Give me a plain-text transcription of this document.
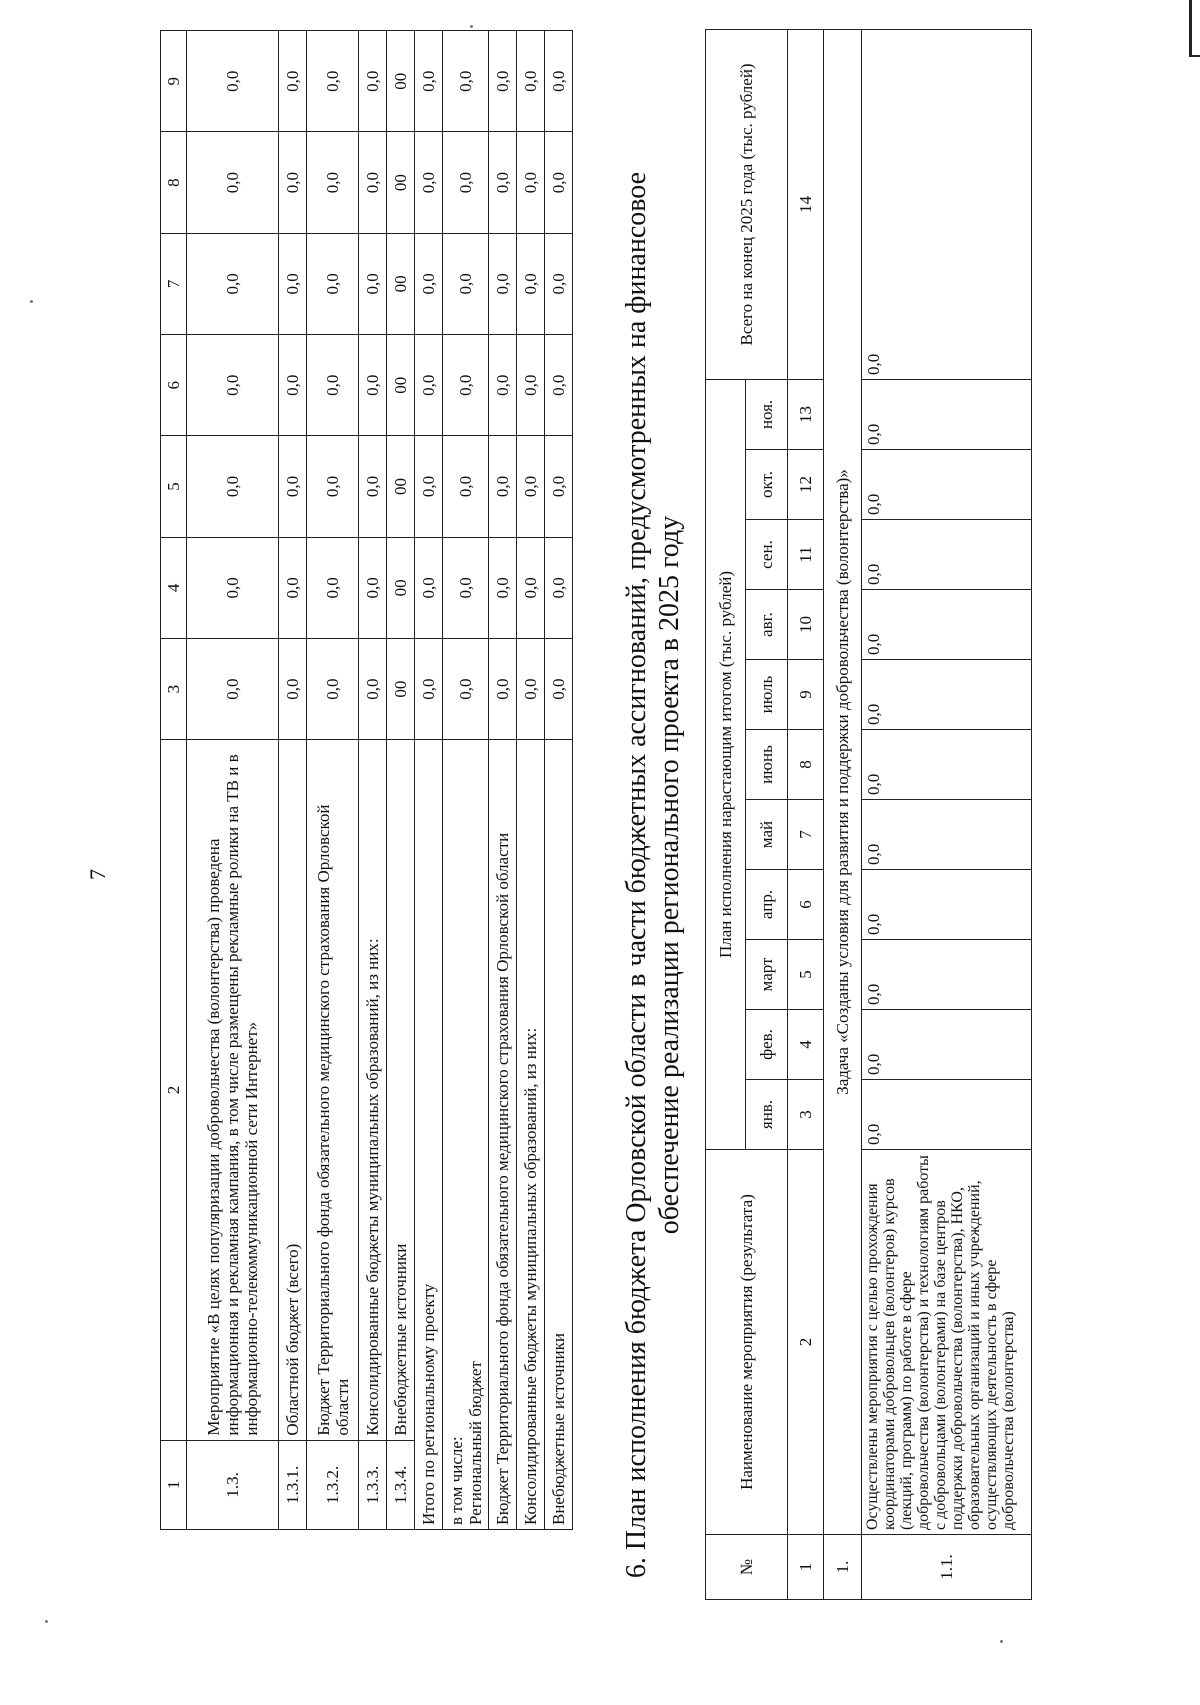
7
1	2	3	4	5	6	7	8	9
1.3.	Мероприятие «В целях популяризации добровольчества (волонтерства) проведена информационная и рекламная кампания, в том числе размещены рекламные ролики на ТВ и в информационно-телекоммуникационной сети Интернет»	0,0	0,0	0,0	0,0	0,0	0,0	0,0
1.3.1.	Областной бюджет (всего)	0,0	0,0	0,0	0,0	0,0	0,0	0,0
1.3.2.	Бюджет Территориального фонда обязательного медицинского страхования Орловской области	0,0	0,0	0,0	0,0	0,0	0,0	0,0
1.3.3.	Консолидированные бюджеты муниципальных образований, из них:	0,0	0,0	0,0	0,0	0,0	0,0	0,0
1.3.4.	Внебюджетные источники	00	00	00	00	00	00	00
Итого по региональному проекту		0,0	0,0	0,0	0,0	0,0	0,0	0,0
в том числе:
Региональный бюджет		0,0	0,0	0,0	0,0	0,0	0,0	0,0
Бюджет Территориального фонда обязательного медицинского страхования Орловской области		0,0	0,0	0,0	0,0	0,0	0,0	0,0
Консолидированные бюджеты муниципальных образований, из них:		0,0	0,0	0,0	0,0	0,0	0,0	0,0
Внебюджетные источники		0,0	0,0	0,0	0,0	0,0	0,0	0,0
6. План исполнения бюджета Орловской области в части бюджетных ассигнований, предусмотренных на финансовое
обеспечение реализации регионального проекта в 2025 году
№	Наименование мероприятия (результата)	План исполнения нарастающим итогом (тыс. рублей)											Всего на конец 2025 года (тыс. рублей)
		янв.	фев.	март	апр.	май	июнь	июль	авг.	сен.	окт.	ноя.	
1	2	3	4	5	6	7	8	9	10	11	12	13	14
1.	Задача «Созданы условия для развития и поддержки добровольчества (волонтерства)»												
1.1.	Осуществлены мероприятия с целью прохождения координаторами добровольцев (волонтеров) курсов (лекций, программ) по работе в сфере добровольчества (волонтерства) и технологиям работы с добровольцами (волонтерами) на базе центров поддержки добровольчества (волонтерства), НКО, образовательных организаций и иных учреждений, осуществляющих деятельность в сфере добровольчества (волонтерства)	0,0	0,0	0,0	0,0	0,0	0,0	0,0	0,0	0,0	0,0	0,0	0,0
